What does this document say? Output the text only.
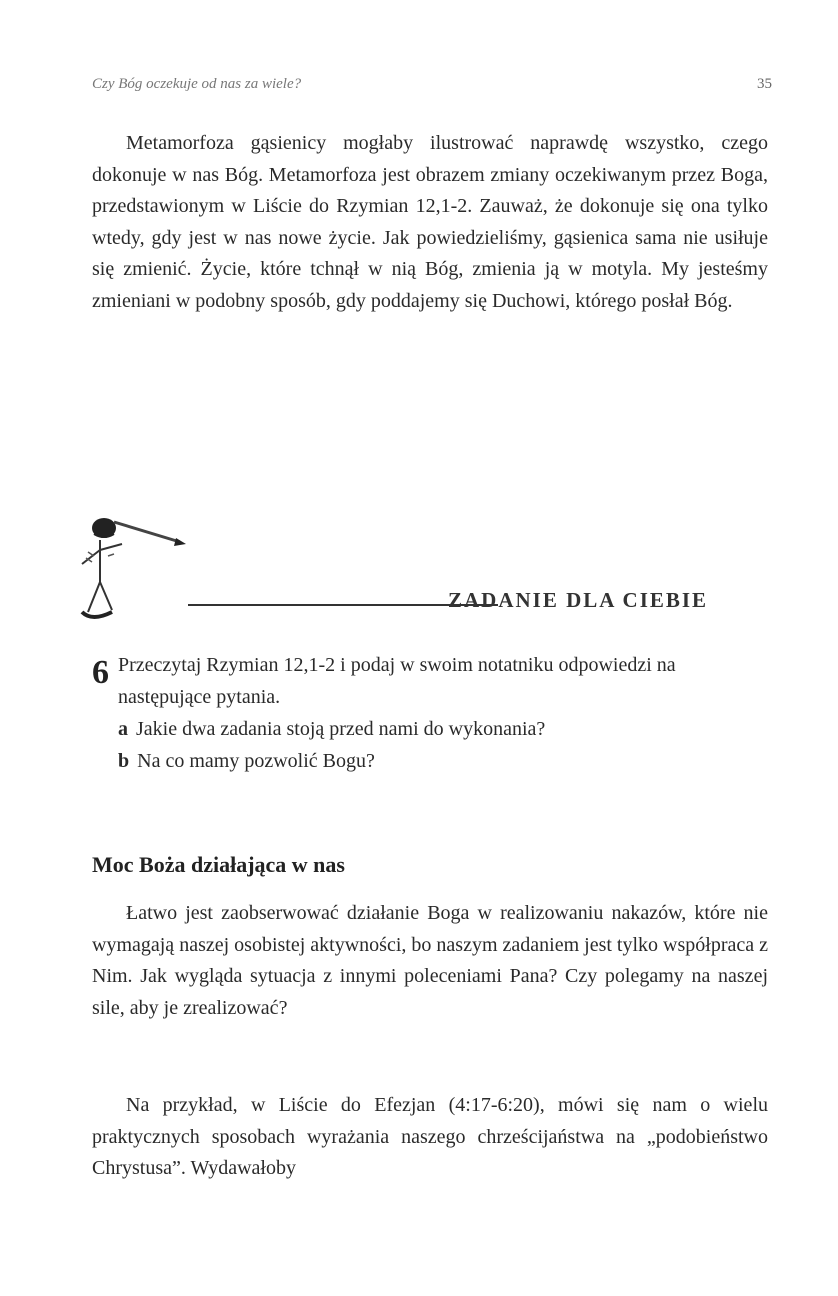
Czy Bóg oczekuje od nas za wiele?	35

Metamorfoza gąsienicy mogłaby ilustrować naprawdę wszystko, czego dokonuje w nas Bóg. Metamorfoza jest obrazem zmiany oczekiwanym przez Boga, przedstawionym w Liście do Rzymian 12,1-2. Zauważ, że dokonuje się ona tylko wtedy, gdy jest w nas nowe życie. Jak powiedzieliśmy, gąsienica sama nie usiłuje się zmienić. Życie, które tchnął w nią Bóg, zmienia ją w motyla. My jesteśmy zmieniani w podobny sposób, gdy poddajemy się Duchowi, którego posłał Bóg.

ZADANIE DLA CIEBIE
6 Przeczytaj Rzymian 12,1-2 i podaj w swoim notatniku odpowiedzi na następujące pytania.
a Jakie dwa zadania stoją przed nami do wykonania?
b Na co mamy pozwolić Bogu?
Moc Boża działająca w nas

Łatwo jest zaobserwować działanie Boga w realizowaniu nakazów, które nie wymagają naszej osobistej aktywności, bo naszym zadaniem jest tylko współpraca z Nim. Jak wygląda sytuacja z innymi poleceniami Pana? Czy polegamy na naszej sile, aby je zrealizować?

Na przykład, w Liście do Efezjan (4:17-6:20), mówi się nam o wielu praktycznych sposobach wyrażania naszego chrześcijaństwa na „podobieństwo Chrystusa”. Wydawałoby
